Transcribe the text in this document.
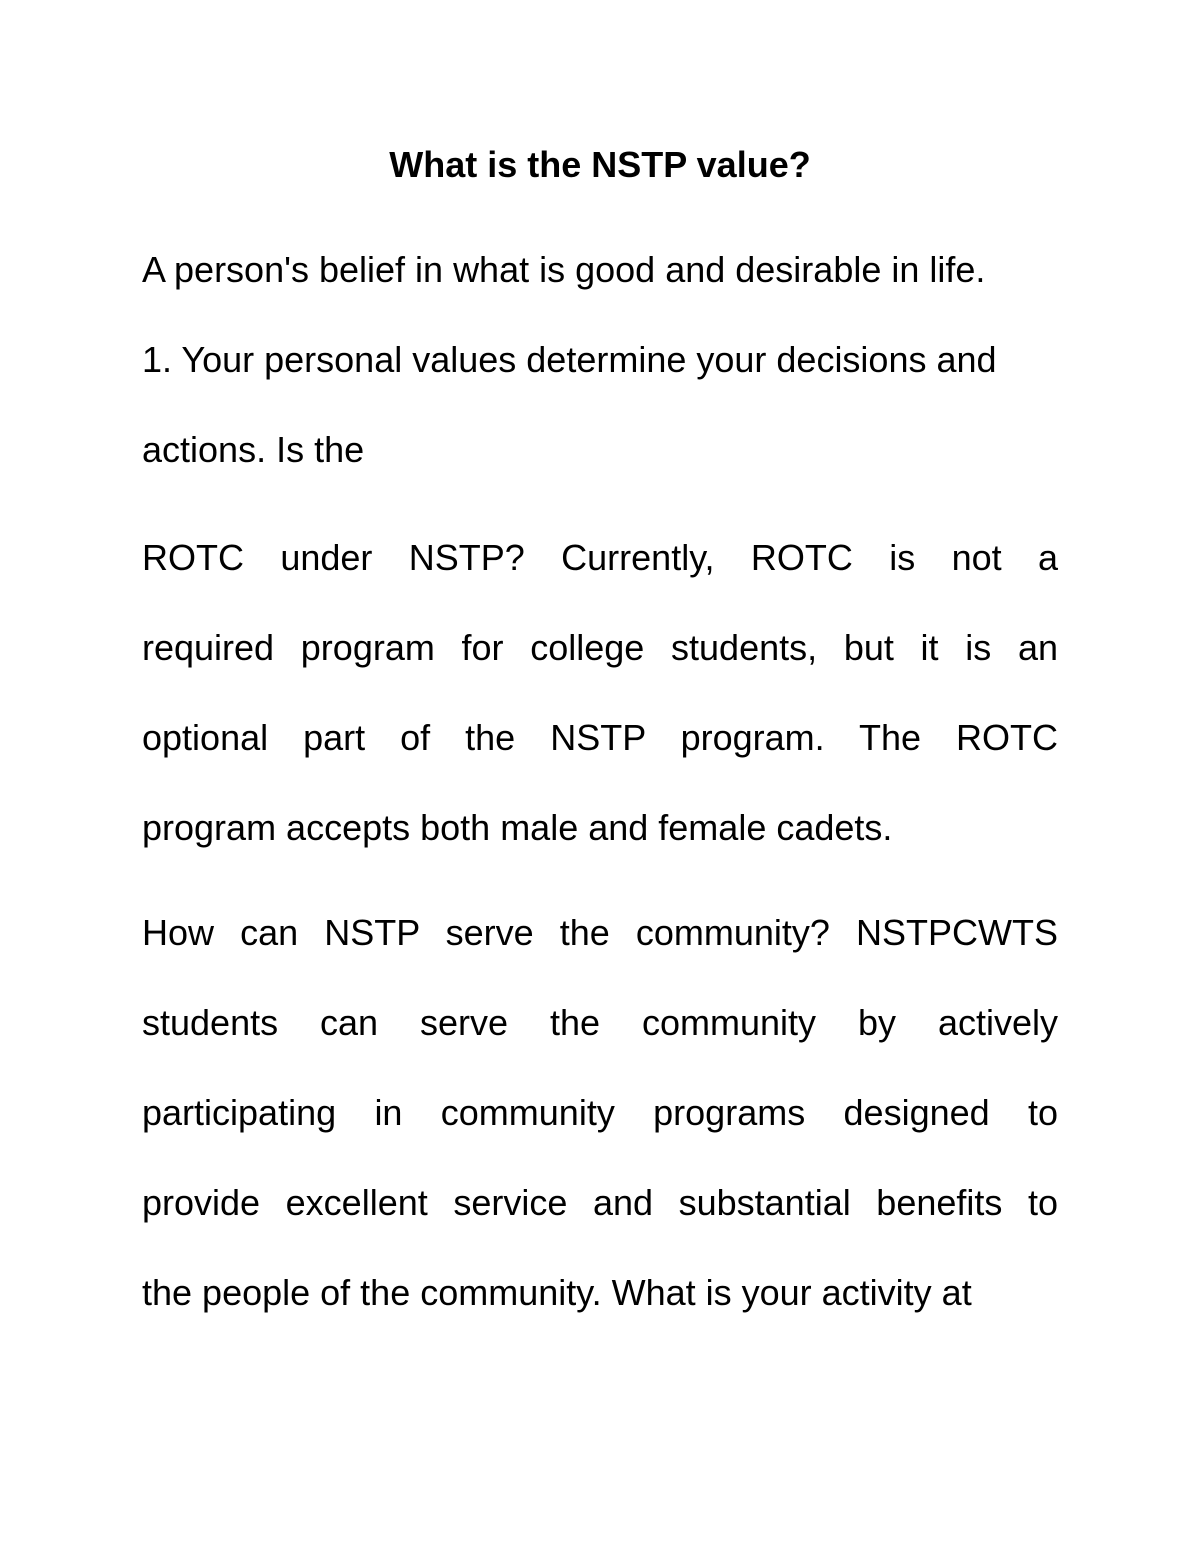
What is the NSTP value?

A person's belief in what is good and desirable in life.

1. Your personal values determine your decisions and

actions. Is the

ROTC under NSTP? Currently, ROTC is not a

required program for college students, but it is an

optional part of the NSTP program. The ROTC

program accepts both male and female cadets.

How can NSTP serve the community? NSTPCWTS

students can serve the community by actively

participating in community programs designed to

provide excellent service and substantial benefits to

the people of the community. What is your activity at
